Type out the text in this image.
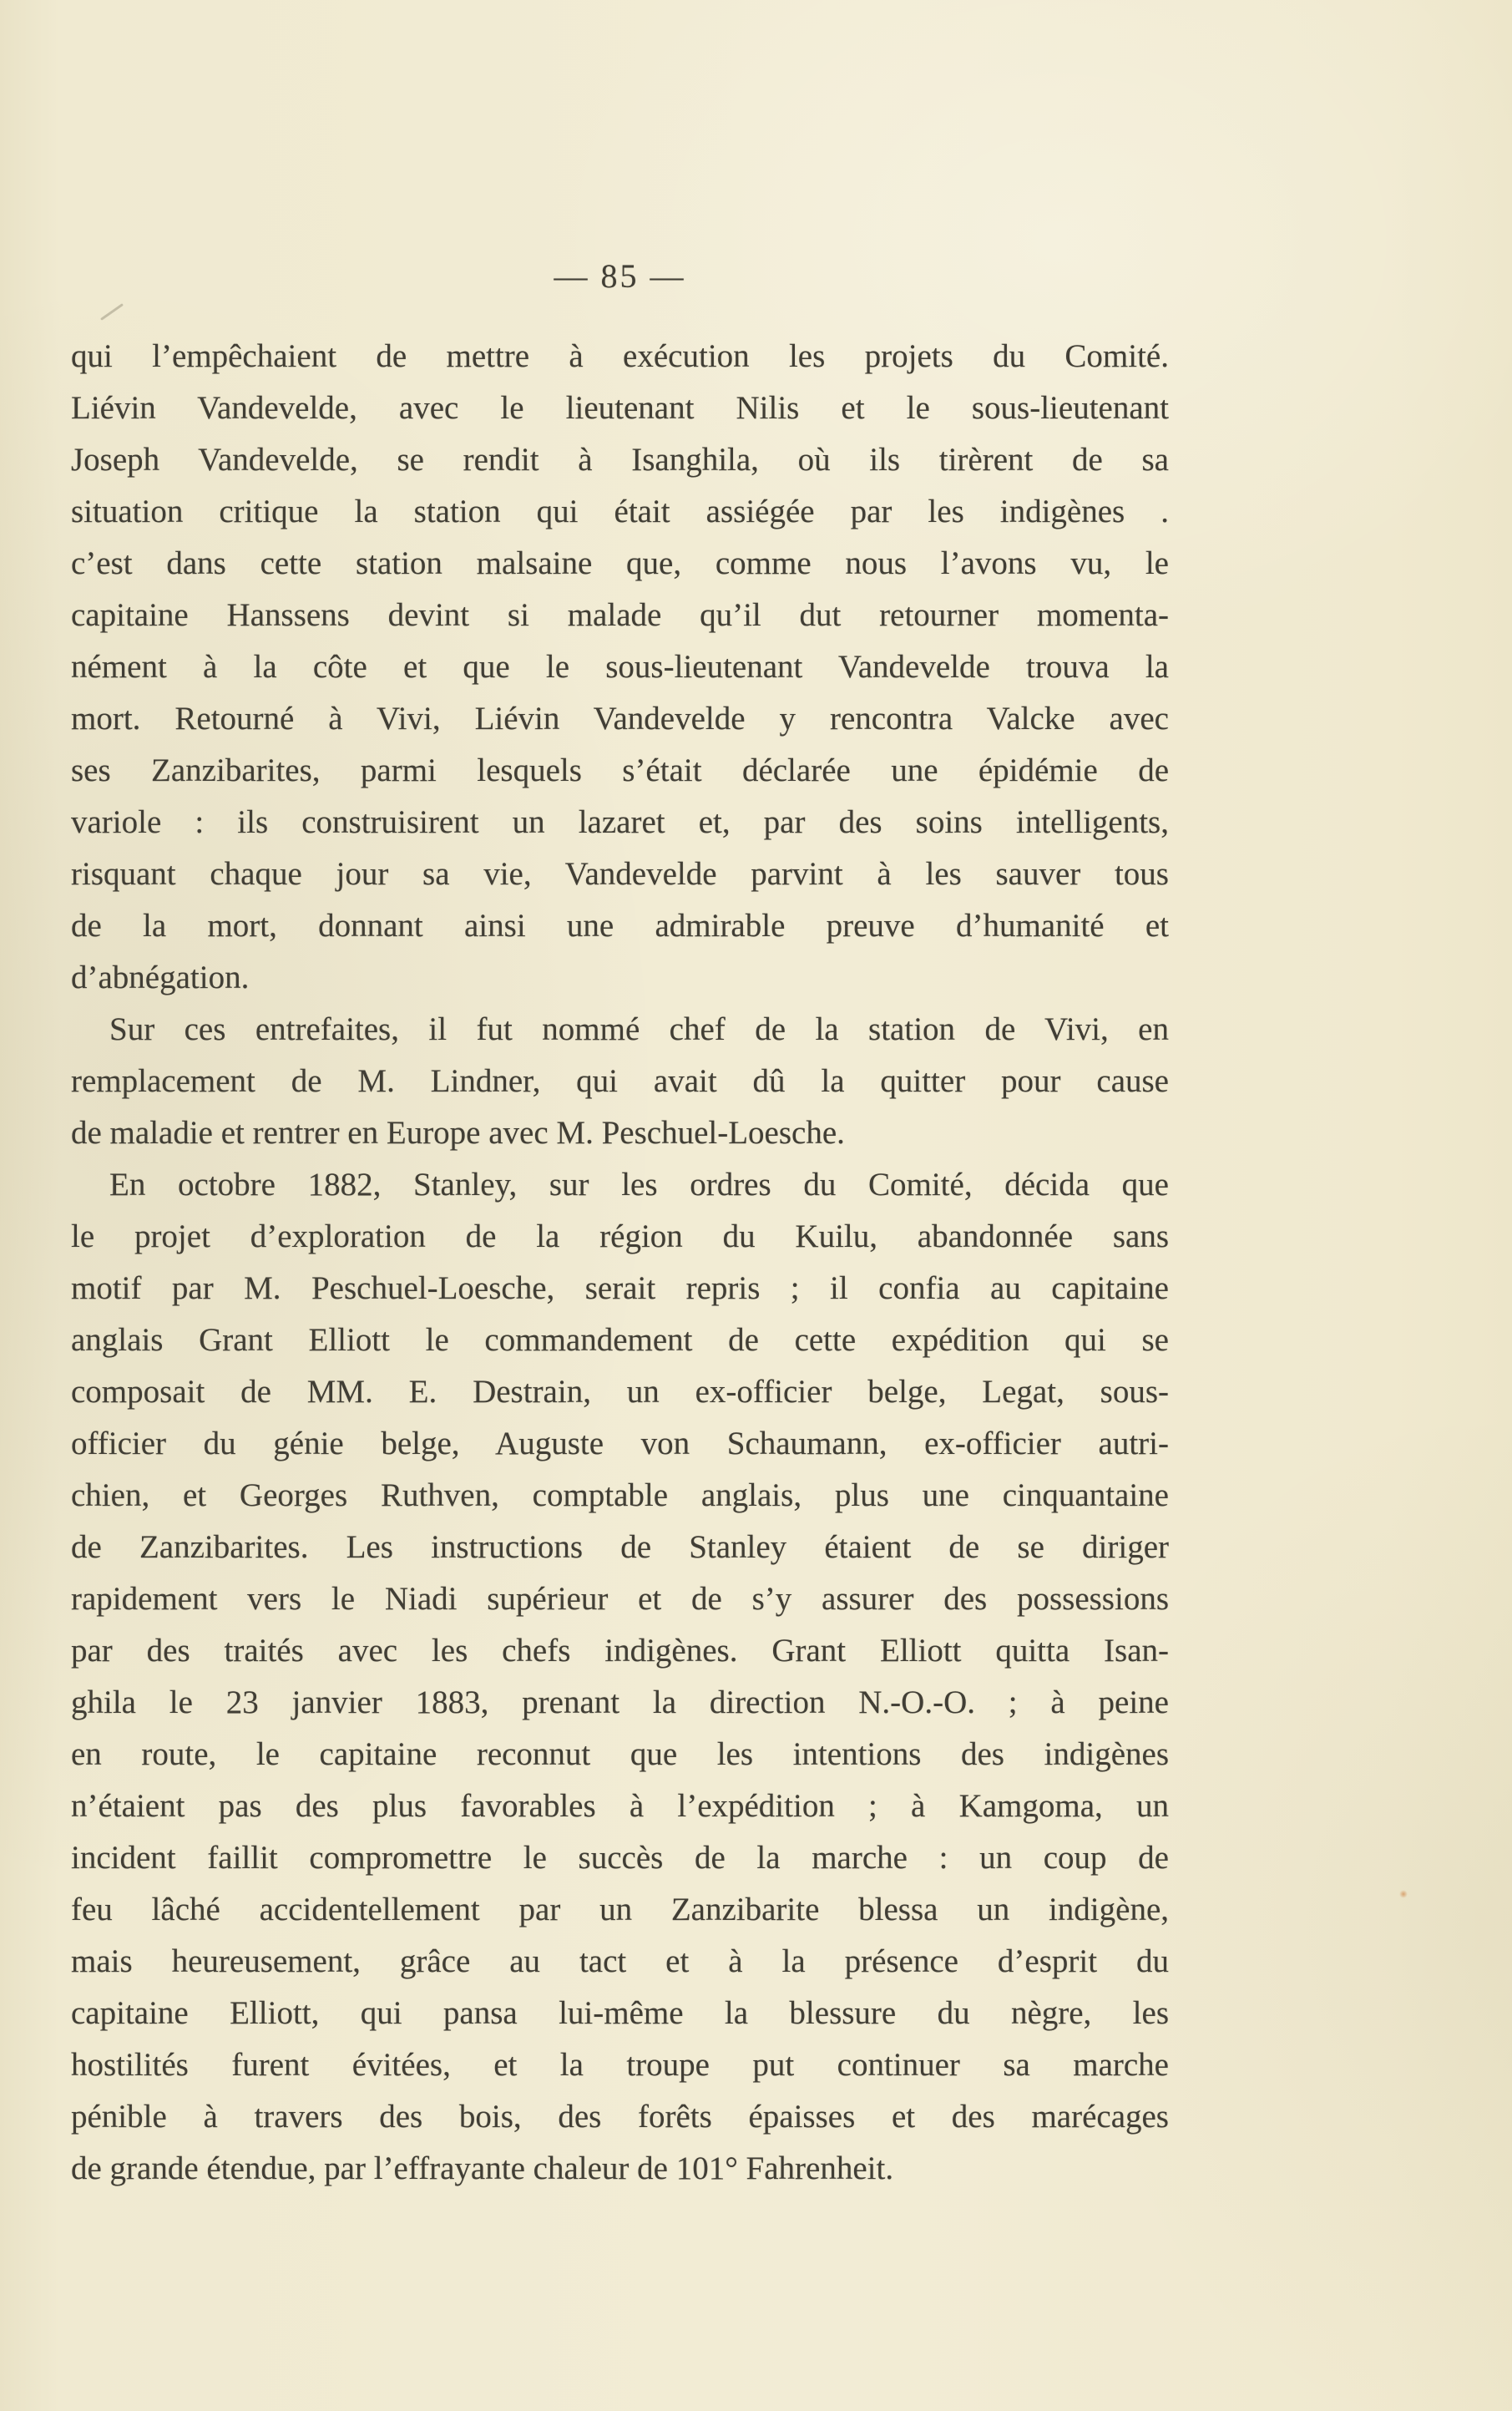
— 85 —
qui l’empêchaient de mettre à exécution les projets du Comité.
Liévin Vandevelde, avec le lieutenant Nilis et le sous-lieutenant
Joseph Vandevelde, se rendit à Isanghila, où ils tirèrent de sa
situation critique la station qui était assiégée par les indigènes .
c’est dans cette station malsaine que, comme nous l’avons vu, le
capitaine Hanssens devint si malade qu’il dut retourner momenta-
nément à la côte et que le sous-lieutenant Vandevelde trouva la
mort. Retourné à Vivi, Liévin Vandevelde y rencontra Valcke avec
ses Zanzibarites, parmi lesquels s’était déclarée une épidémie de
variole : ils construisirent un lazaret et, par des soins intelligents,
risquant chaque jour sa vie, Vandevelde parvint à les sauver tous
de la mort, donnant ainsi une admirable preuve d’humanité et
d’abnégation.
Sur ces entrefaites, il fut nommé chef de la station de Vivi, en
remplacement de M. Lindner, qui avait dû la quitter pour cause
de maladie et rentrer en Europe avec M. Peschuel-Loesche.
En octobre 1882, Stanley, sur les ordres du Comité, décida que
le projet d’exploration de la région du Kuilu, abandonnée sans
motif par M. Peschuel-Loesche, serait repris ; il confia au capitaine
anglais Grant Elliott le commandement de cette expédition qui se
composait de MM. E. Destrain, un ex-officier belge, Legat, sous-
officier du génie belge, Auguste von Schaumann, ex-officier autri-
chien, et Georges Ruthven, comptable anglais, plus une cinquantaine
de Zanzibarites. Les instructions de Stanley étaient de se diriger
rapidement vers le Niadi supérieur et de s’y assurer des possessions
par des traités avec les chefs indigènes. Grant Elliott quitta Isan-
ghila le 23 janvier 1883, prenant la direction N.-O.-O. ; à peine
en route, le capitaine reconnut que les intentions des indigènes
n’étaient pas des plus favorables à l’expédition ; à Kamgoma, un
incident faillit compromettre le succès de la marche : un coup de
feu lâché accidentellement par un Zanzibarite blessa un indigène,
mais heureusement, grâce au tact et à la présence d’esprit du
capitaine Elliott, qui pansa lui-même la blessure du nègre, les
hostilités furent évitées, et la troupe put continuer sa marche
pénible à travers des bois, des forêts épaisses et des marécages
de grande étendue, par l’effrayante chaleur de 101° Fahrenheit.
